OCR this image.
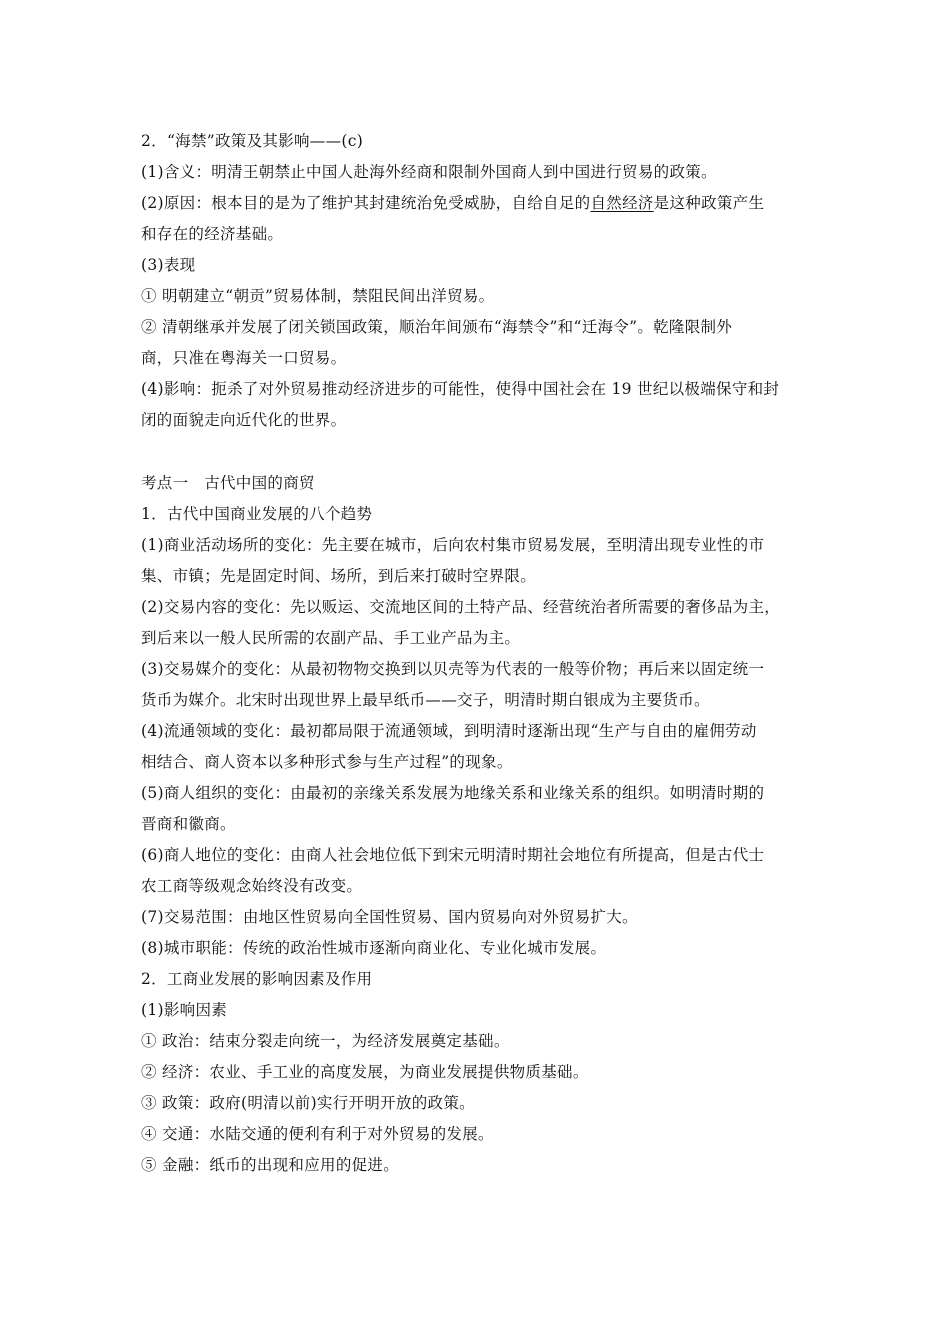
2．“海禁”政策及其影响——(c)
(1)含义：明清王朝禁止中国人赴海外经商和限制外国商人到中国进行贸易的政策。
(2)原因：根本目的是为了维护其封建统治免受威胁，自给自足的自然经济是这种政策产生
和存在的经济基础。
(3)表现
① 明朝建立“朝贡”贸易体制，禁阻民间出洋贸易。
② 清朝继承并发展了闭关锁国政策，顺治年间颁布“海禁令”和“迁海令”。乾隆限制外
商，只准在粤海关一口贸易。
(4)影响：扼杀了对外贸易推动经济进步的可能性，使得中国社会在 19 世纪以极端保守和封
闭的面貌走向近代化的世界。
考点一　古代中国的商贸
1．古代中国商业发展的八个趋势
(1)商业活动场所的变化：先主要在城市，后向农村集市贸易发展，至明清出现专业性的市
集、市镇；先是固定时间、场所，到后来打破时空界限。
(2)交易内容的变化：先以贩运、交流地区间的土特产品、经营统治者所需要的奢侈品为主，
到后来以一般人民所需的农副产品、手工业产品为主。
(3)交易媒介的变化：从最初物物交换到以贝壳等为代表的一般等价物；再后来以固定统一
货币为媒介。北宋时出现世界上最早纸币——交子，明清时期白银成为主要货币。
(4)流通领域的变化：最初都局限于流通领域，到明清时逐渐出现“生产与自由的雇佣劳动
相结合、商人资本以多种形式参与生产过程”的现象。
(5)商人组织的变化：由最初的亲缘关系发展为地缘关系和业缘关系的组织。如明清时期的
晋商和徽商。
(6)商人地位的变化：由商人社会地位低下到宋元明清时期社会地位有所提高，但是古代士
农工商等级观念始终没有改变。
(7)交易范围：由地区性贸易向全国性贸易、国内贸易向对外贸易扩大。
(8)城市职能：传统的政治性城市逐渐向商业化、专业化城市发展。
2．工商业发展的影响因素及作用
(1)影响因素
① 政治：结束分裂走向统一，为经济发展奠定基础。
② 经济：农业、手工业的高度发展，为商业发展提供物质基础。
③ 政策：政府(明清以前)实行开明开放的政策。
④ 交通：水陆交通的便利有利于对外贸易的发展。
⑤ 金融：纸币的出现和应用的促进。
